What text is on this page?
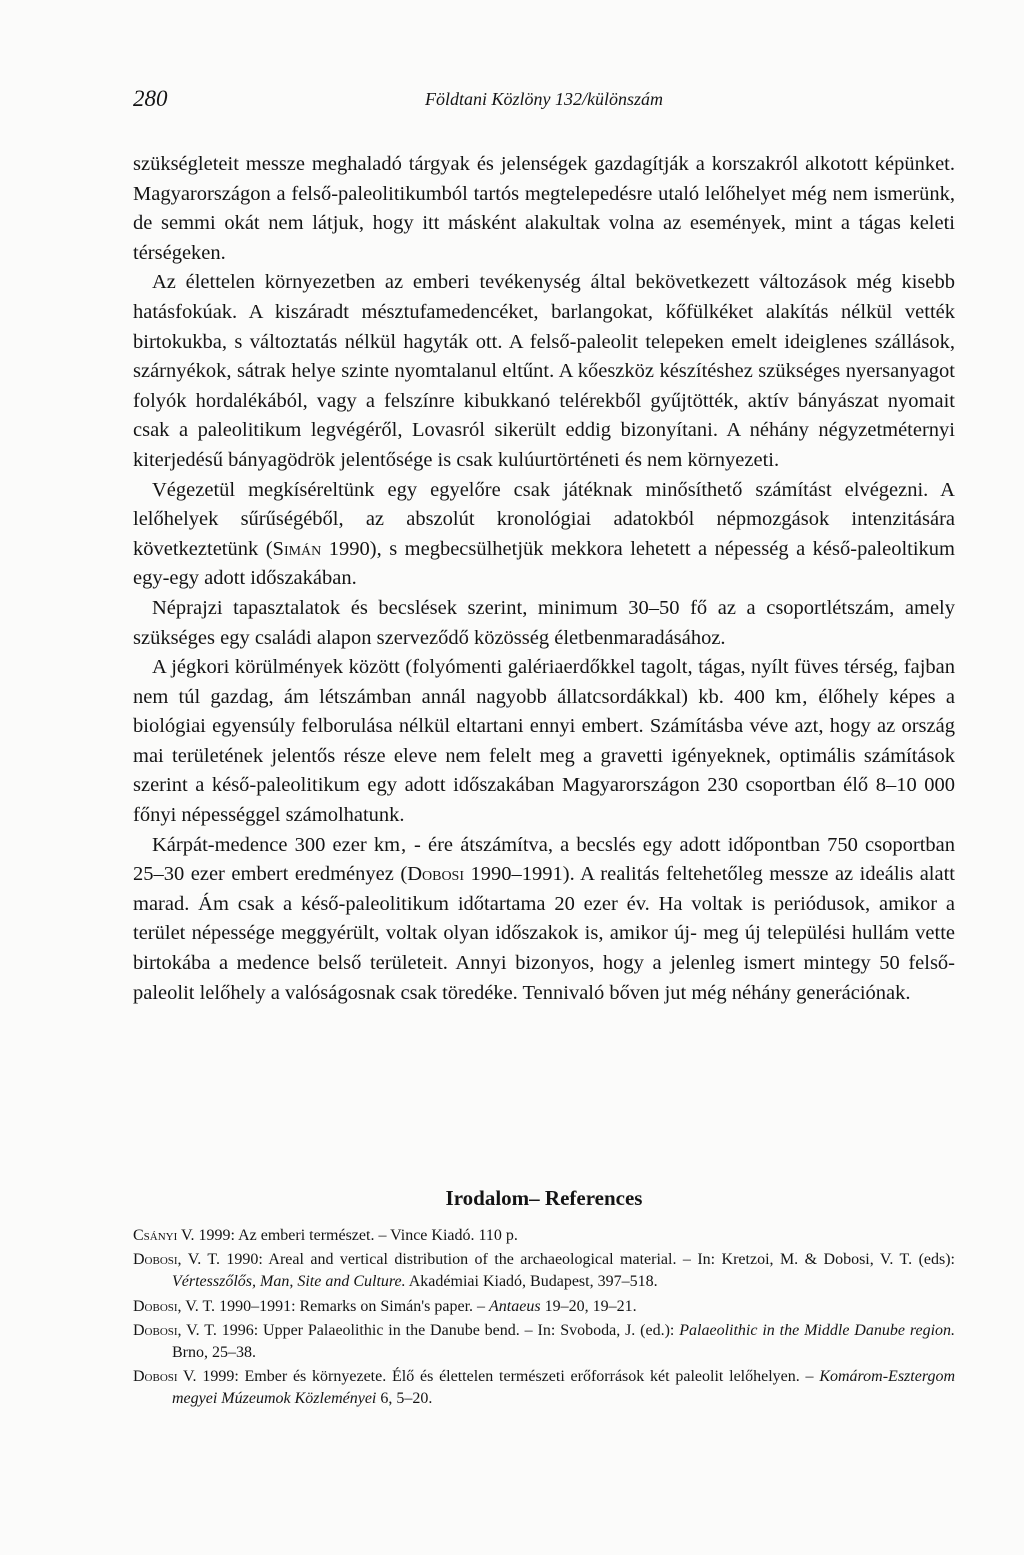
280	Földtani Közlöny 132/különszám

szükségleteit messze meghaladó tárgyak és jelenségek gazdagítják a korszakról alkotott képünket. Magyarországon a felső-paleolitikumból tartós megtelepedésre utaló lelőhelyet még nem ismerünk, de semmi okát nem látjuk, hogy itt másként alakultak volna az események, mint a tágas keleti térségeken.

Az élettelen környezetben az emberi tevékenység által bekövetkezett változások még kisebb hatásfokúak. A kiszáradt mésztufamedencéket, barlangokat, kőfülkéket alakítás nélkül vették birtokukba, s változtatás nélkül hagyták ott. A felső-paleolit telepeken emelt ideiglenes szállások, szárnyékok, sátrak helye szinte nyomtalanul eltűnt. A kőeszköz készítéshez szükséges nyersanyagot folyók hordalékából, vagy a felszínre kibukkanó telérekből gyűjtötték, aktív bányászat nyomait csak a paleolitikum legvégéről, Lovasról sikerült eddig bizonyítani. A néhány négyzetméternyi kiterjedésű bányagödrök jelentősége is csak kulúurtörténeti és nem környezeti.

Végezetül megkíséreltünk egy egyelőre csak játéknak minősíthető számítást elvégezni. A lelőhelyek sűrűségéből, az abszolút kronológiai adatokból népmozgások intenzitására következtetünk (Simán 1990), s megbecsülhetjük mekkora lehetett a népesség a késő-paleoltikum egy-egy adott időszakában.

Néprajzi tapasztalatok és becslések szerint, minimum 30–50 fő az a csoportlétszám, amely szükséges egy családi alapon szerveződő közösség életbenmaradásához.

A jégkori körülmények között (folyómenti galériaerdőkkel tagolt, tágas, nyílt füves térség, fajban nem túl gazdag, ám létszámban annál nagyobb állatcsordákkal) kb. 400 km‚ élőhely képes a biológiai egyensúly felborulása nélkül eltartani ennyi embert. Számításba véve azt, hogy az ország mai területének jelentős része eleve nem felelt meg a gravetti igényeknek, optimális számítások szerint a késő-paleolitikum egy adott időszakában Magyarországon 230 csoportban élő 8–10 000 főnyi népességgel számolhatunk.

Kárpát-medence 300 ezer km‚ - ére átszámítva, a becslés egy adott időpontban 750 csoportban 25–30 ezer embert eredményez (Dobosi 1990–1991). A realitás feltehetőleg messze az ideális alatt marad. Ám csak a késő-paleolitikum időtartama 20 ezer év. Ha voltak is periódusok, amikor a terület népessége meggyérült, voltak olyan időszakok is, amikor új- meg új települési hullám vette birtokába a medence belső területeit. Annyi bizonyos, hogy a jelenleg ismert mintegy 50 felső-paleolit lelőhely a valóságosnak csak töredéke. Tennivaló bőven jut még néhány generációnak.

Irodalom– References

Csányi V. 1999: Az emberi természet. – Vince Kiadó. 110 p.

Dobosi, V. T. 1990: Areal and vertical distribution of the archaeological material. – In: Kretzoi, M. & Dobosi, V. T. (eds): Vértesszőlős, Man, Site and Culture. Akadémiai Kiadó, Budapest, 397–518.

Dobosi, V. T. 1990–1991: Remarks on Simán's paper. – Antaeus 19–20, 19–21.

Dobosi, V. T. 1996: Upper Palaeolithic in the Danube bend. – In: Svoboda, J. (ed.): Palaeolithic in the Middle Danube region. Brno, 25–38.

Dobosi V. 1999: Ember és környezete. Élő és élettelen természeti erőforrások két paleolit lelőhelyen. – Komárom-Esztergom megyei Múzeumok Közleményei 6, 5–20.
